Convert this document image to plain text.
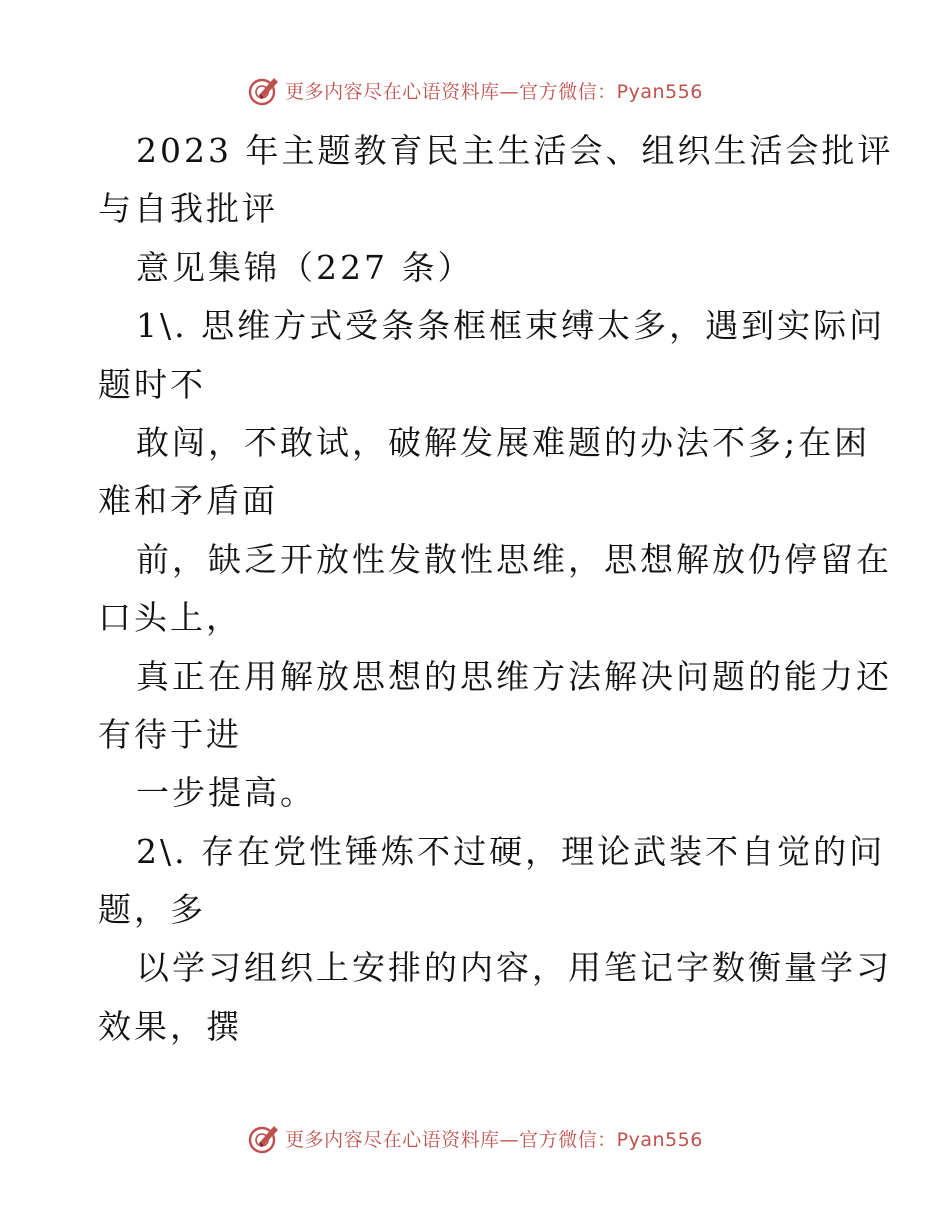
更多内容尽在心语资料库—官方微信：Pyan556
2023 年主题教育民主生活会、组织生活会批评
与自我批评
意见集锦（227 条）
1\. 思维方式受条条框框束缚太多，遇到实际问
题时不
敢闯，不敢试，破解发展难题的办法不多;在困
难和矛盾面
前，缺乏开放性发散性思维，思想解放仍停留在
口头上，
真正在用解放思想的思维方法解决问题的能力还
有待于进
一步提高。
2\. 存在党性锤炼不过硬，理论武装不自觉的问
题，多
以学习组织上安排的内容，用笔记字数衡量学习
效果，撰
更多内容尽在心语资料库—官方微信：Pyan556
